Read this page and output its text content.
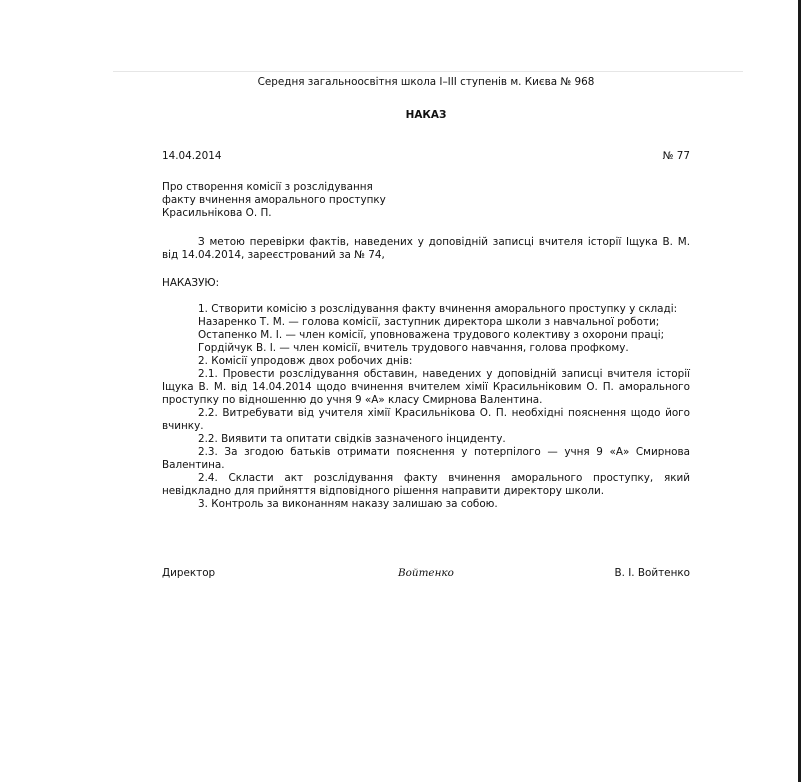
Середня загальноосвітня школа I–III ступенів м. Києва № 968

НАКАЗ

14.04.2014	№ 77

Про створення комісії з розслідування
факту вчинення аморального проступку
Красильнікова О. П.

З метою перевірки фактів, наведених у доповідній записці вчителя історії Іщука В. М. від 14.04.2014, зареєстрований за № 74,

НАКАЗУЮ:

1. Створити комісію з розслідування факту вчинення аморального проступку у складі:

Назаренко Т. М. — голова комісії, заступник директора школи з навчальної роботи;

Остапенко М. І. — член комісії, уповноважена трудового колективу з охорони праці;

Гордійчук В. І. — член комісії, вчитель трудового навчання, голова профкому.

2. Комісії упродовж двох робочих днів:

2.1. Провести розслідування обставин, наведених у доповідній записці вчителя історії Іщука В. М. від 14.04.2014 щодо вчинення вчителем хімії Красильніковим О. П. аморального проступку по відношенню до учня 9 «А» класу Смирнова Валентина.

2.2. Витребувати від учителя хімії Красильнікова О. П. необхідні пояснення щодо його вчинку.

2.2. Виявити та опитати свідків зазначеного інциденту.

2.3. За згодою батьків отримати пояснення у потерпілого — учня 9 «А» Смирнова Валентина.

2.4. Скласти акт розслідування факту вчинення аморального проступку, який невідкладно для прийняття відповідного рішення направити директору школи.

3. Контроль за виконанням наказу залишаю за собою.

Директор	Войтенко	В. І. Войтенко
